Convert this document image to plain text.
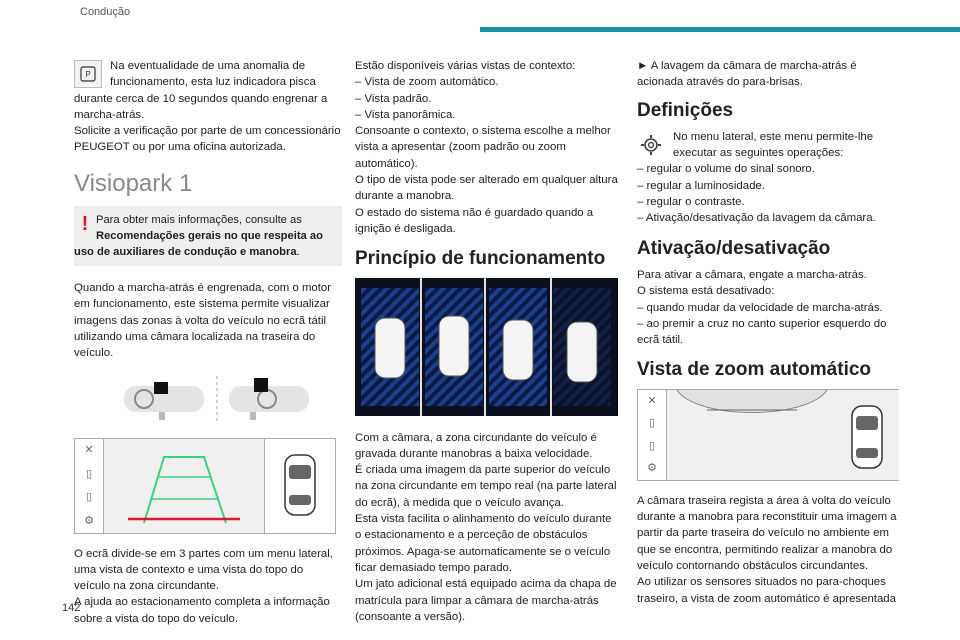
Condução
142
P

Na eventualidade de uma anomalia de funcionamento, esta luz indicadora pisca durante cerca de 10 segundos quando engrenar a marcha-atrás.

Solicite a verificação por parte de um concessionário PEUGEOT ou por uma oficina autorizada.

Visiopark 1
! Para obter mais informações, consulte as Recomendações gerais no que respeita ao uso de auxiliares de condução e manobra.

Quando a marcha-atrás é engrenada, com o motor em funcionamento, este sistema permite visualizar imagens das zonas à volta do veículo no ecrã tátil utilizando uma câmara localizada na traseira do veículo.

✕
▯
▯
⚙

O ecrã divide-se em 3 partes com um menu lateral, uma vista de contexto e uma vista do topo do veículo na zona circundante.

A ajuda ao estacionamento completa a informação sobre a vista do topo do veículo.

Estão disponíveis várias vistas de contexto:

– Vista de zoom automático.

– Vista padrão.

– Vista panorâmica.

Consoante o contexto, o sistema escolhe a melhor vista a apresentar (zoom padrão ou zoom automático).

O tipo de vista pode ser alterado em qualquer altura durante a manobra.

O estado do sistema não é guardado quando a ignição é desligada.

Princípio de funcionamento

Com a câmara, a zona circundante do veículo é gravada durante manobras a baixa velocidade.

É criada uma imagem da parte superior do veículo na zona circundante em tempo real (na parte lateral do ecrã), à medida que o veículo avança.

Esta vista facilita o alinhamento do veículo durante o estacionamento e a perceção de obstáculos próximos. Apaga-se automaticamente se o veículo ficar demasiado tempo parado.

Um jato adicional está equipado acima da chapa de matrícula para limpar a câmara de marcha-atrás (consoante a versão).

► A lavagem da câmara de marcha-atrás é acionada através do para-brisas.

Definições

No menu lateral, este menu permite-lhe executar as seguintes operações:

– regular o volume do sinal sonoro.

– regular a luminosidade.

– regular o contraste.

– Ativação/desativação da lavagem da câmara.

Ativação/desativação

Para ativar a câmara, engate a marcha-atrás.

O sistema está desativado:

– quando mudar da velocidade de marcha-atrás.

– ao premir a cruz no canto superior esquerdo do ecrã tátil.

Vista de zoom automático
✕
▯
▯
⚙

A câmara traseira regista a área à volta do veículo durante a manobra para reconstituir uma imagem a partir da parte traseira do veículo no ambiente em que se encontra, permitindo realizar a manobra do veículo contornando obstáculos circundantes.

Ao utilizar os sensores situados no para-choques traseiro, a vista de zoom automático é apresentada
